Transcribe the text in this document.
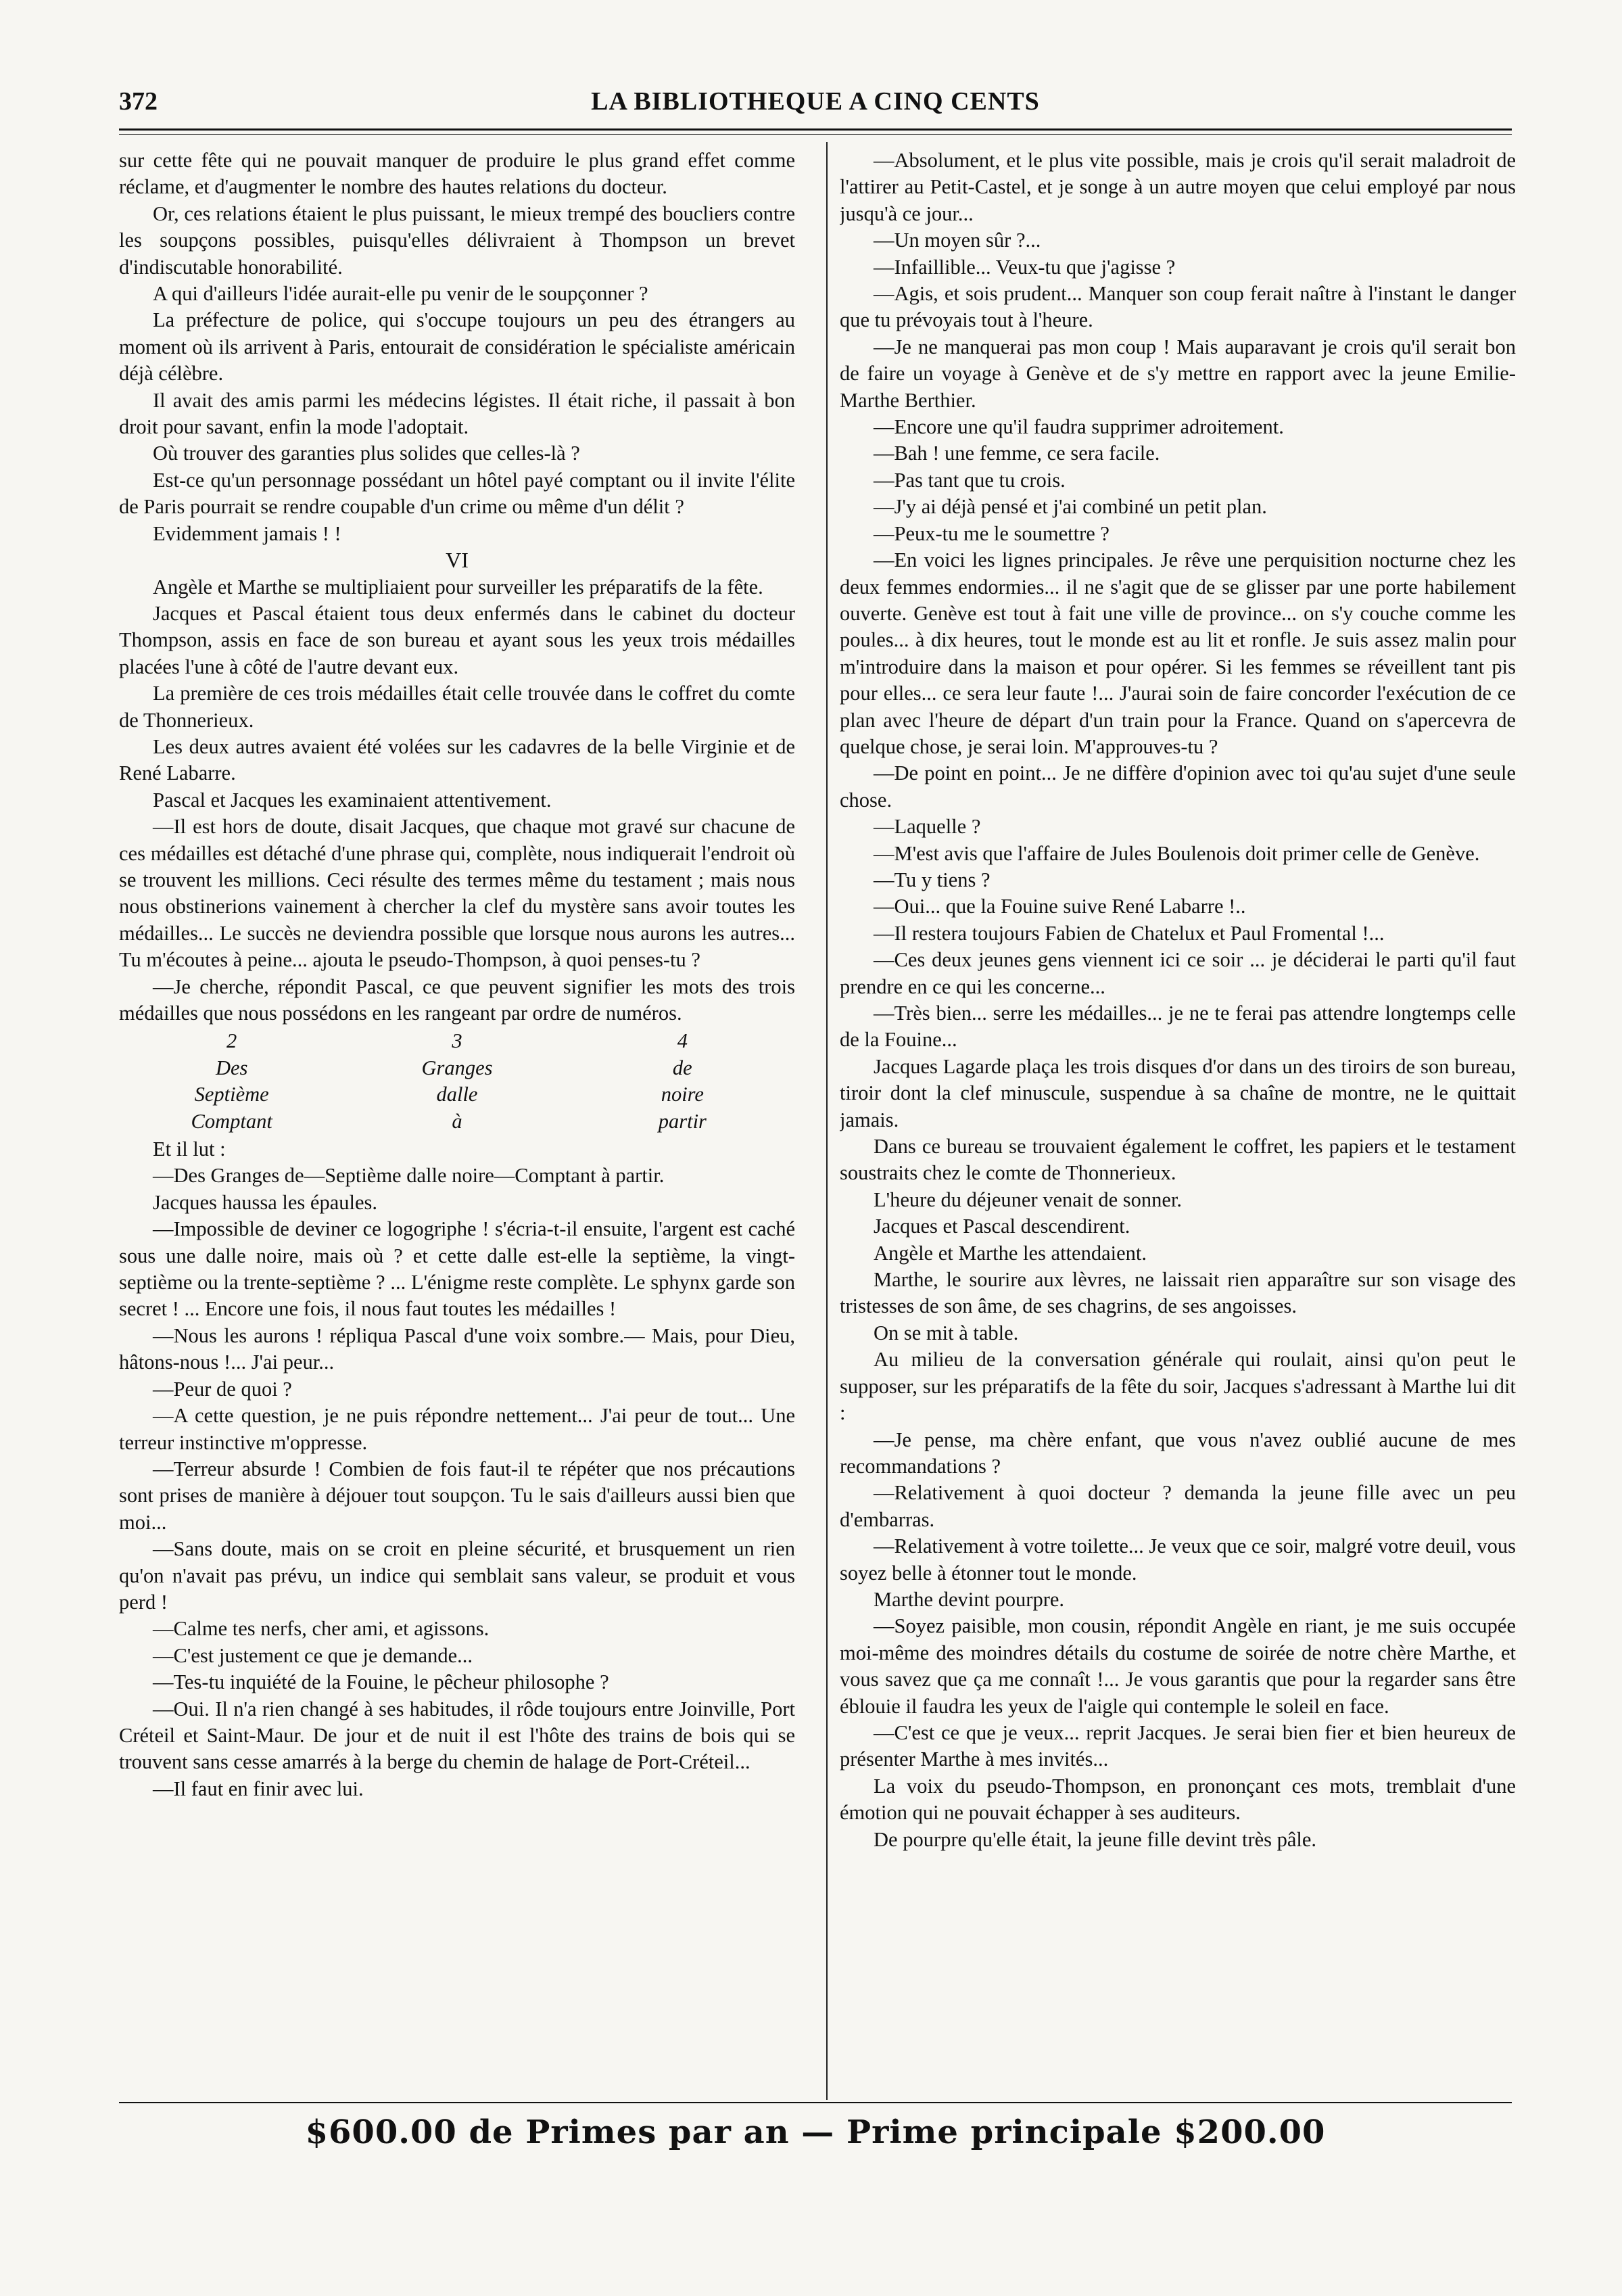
372	LA BIBLIOTHEQUE A CINQ CENTS

sur cette fête qui ne pouvait manquer de produire le plus grand effet comme réclame, et d'augmenter le nombre des hautes relations du docteur.

Or, ces relations étaient le plus puissant, le mieux trempé des boucliers contre les soupçons possibles, puisqu'elles délivraient à Thompson un brevet d'indiscutable honorabilité.

A qui d'ailleurs l'idée aurait-elle pu venir de le soupçonner ?

La préfecture de police, qui s'occupe toujours un peu des étrangers au moment où ils arrivent à Paris, entourait de considération le spécialiste américain déjà célèbre.

Il avait des amis parmi les médecins légistes. Il était riche, il passait à bon droit pour savant, enfin la mode l'adoptait.

Où trouver des garanties plus solides que celles-là ?

Est-ce qu'un personnage possédant un hôtel payé comptant ou il invite l'élite de Paris pourrait se rendre coupable d'un crime ou même d'un délit ?

Evidemment jamais ! !

VI

Angèle et Marthe se multipliaient pour surveiller les préparatifs de la fête.

Jacques et Pascal étaient tous deux enfermés dans le cabinet du docteur Thompson, assis en face de son bureau et ayant sous les yeux trois médailles placées l'une à côté de l'autre devant eux.

La première de ces trois médailles était celle trouvée dans le coffret du comte de Thonnerieux.

Les deux autres avaient été volées sur les cadavres de la belle Virginie et de René Labarre.

Pascal et Jacques les examinaient attentivement.

—Il est hors de doute, disait Jacques, que chaque mot gravé sur chacune de ces médailles est détaché d'une phrase qui, complète, nous indiquerait l'endroit où se trouvent les millions. Ceci résulte des termes même du testament ; mais nous nous obstinerions vainement à chercher la clef du mystère sans avoir toutes les médailles... Le succès ne deviendra possible que lorsque nous aurons les autres... Tu m'écoutes à peine... ajouta le pseudo-Thompson, à quoi penses-tu ?

—Je cherche, répondit Pascal, ce que peuvent signifier les mots des trois médailles que nous possédons en les rangeant par ordre de numéros.

2	3	4
Des	Granges	de
Septième	dalle	noire
Comptant	à	partir

Et il lut :

—Des Granges de—Septième dalle noire—Comptant à partir.

Jacques haussa les épaules.

—Impossible de deviner ce logogriphe ! s'écria-t-il ensuite, l'argent est caché sous une dalle noire, mais où ? et cette dalle est-elle la septième, la vingt-septième ou la trente-septième ? ... L'énigme reste complète. Le sphynx garde son secret ! ... Encore une fois, il nous faut toutes les médailles !

—Nous les aurons ! répliqua Pascal d'une voix sombre.— Mais, pour Dieu, hâtons-nous !... J'ai peur...

—Peur de quoi ?

—A cette question, je ne puis répondre nettement... J'ai peur de tout... Une terreur instinctive m'oppresse.

—Terreur absurde ! Combien de fois faut-il te répéter que nos précautions sont prises de manière à déjouer tout soupçon. Tu le sais d'ailleurs aussi bien que moi...

—Sans doute, mais on se croit en pleine sécurité, et brusquement un rien qu'on n'avait pas prévu, un indice qui semblait sans valeur, se produit et vous perd !

—Calme tes nerfs, cher ami, et agissons.

—C'est justement ce que je demande...

—Tes-tu inquiété de la Fouine, le pêcheur philosophe ?

—Oui. Il n'a rien changé à ses habitudes, il rôde toujours entre Joinville, Port Créteil et Saint-Maur. De jour et de nuit il est l'hôte des trains de bois qui se trouvent sans cesse amarrés à la berge du chemin de halage de Port-Créteil...

—Il faut en finir avec lui.

—Absolument, et le plus vite possible, mais je crois qu'il serait maladroit de l'attirer au Petit-Castel, et je songe à un autre moyen que celui employé par nous jusqu'à ce jour...

—Un moyen sûr ?...

—Infaillible... Veux-tu que j'agisse ?

—Agis, et sois prudent... Manquer son coup ferait naître à l'instant le danger que tu prévoyais tout à l'heure.

—Je ne manquerai pas mon coup ! Mais auparavant je crois qu'il serait bon de faire un voyage à Genève et de s'y mettre en rapport avec la jeune Emilie-Marthe Berthier.

—Encore une qu'il faudra supprimer adroitement.

—Bah ! une femme, ce sera facile.

—Pas tant que tu crois.

—J'y ai déjà pensé et j'ai combiné un petit plan.

—Peux-tu me le soumettre ?

—En voici les lignes principales. Je rêve une perquisition nocturne chez les deux femmes endormies... il ne s'agit que de se glisser par une porte habilement ouverte. Genève est tout à fait une ville de province... on s'y couche comme les poules... à dix heures, tout le monde est au lit et ronfle. Je suis assez malin pour m'introduire dans la maison et pour opérer. Si les femmes se réveillent tant pis pour elles... ce sera leur faute !... J'aurai soin de faire concorder l'exécution de ce plan avec l'heure de départ d'un train pour la France. Quand on s'apercevra de quelque chose, je serai loin. M'approuves-tu ?

—De point en point... Je ne diffère d'opinion avec toi qu'au sujet d'une seule chose.

—Laquelle ?

—M'est avis que l'affaire de Jules Boulenois doit primer celle de Genève.

—Tu y tiens ?

—Oui... que la Fouine suive René Labarre !..

—Il restera toujours Fabien de Chatelux et Paul Fromental !...

—Ces deux jeunes gens viennent ici ce soir ... je déciderai le parti qu'il faut prendre en ce qui les concerne...

—Très bien... serre les médailles... je ne te ferai pas attendre longtemps celle de la Fouine...

Jacques Lagarde plaça les trois disques d'or dans un des tiroirs de son bureau, tiroir dont la clef minuscule, suspendue à sa chaîne de montre, ne le quittait jamais.

Dans ce bureau se trouvaient également le coffret, les papiers et le testament soustraits chez le comte de Thonnerieux.

L'heure du déjeuner venait de sonner.

Jacques et Pascal descendirent.

Angèle et Marthe les attendaient.

Marthe, le sourire aux lèvres, ne laissait rien apparaître sur son visage des tristesses de son âme, de ses chagrins, de ses angoisses.

On se mit à table.

Au milieu de la conversation générale qui roulait, ainsi qu'on peut le supposer, sur les préparatifs de la fête du soir, Jacques s'adressant à Marthe lui dit :

—Je pense, ma chère enfant, que vous n'avez oublié aucune de mes recommandations ?

—Relativement à quoi docteur ? demanda la jeune fille avec un peu d'embarras.

—Relativement à votre toilette... Je veux que ce soir, malgré votre deuil, vous soyez belle à étonner tout le monde.

Marthe devint pourpre.

—Soyez paisible, mon cousin, répondit Angèle en riant, je me suis occupée moi-même des moindres détails du costume de soirée de notre chère Marthe, et vous savez que ça me connaît !... Je vous garantis que pour la regarder sans être éblouie il faudra les yeux de l'aigle qui contemple le soleil en face.

—C'est ce que je veux... reprit Jacques. Je serai bien fier et bien heureux de présenter Marthe à mes invités...

La voix du pseudo-Thompson, en prononçant ces mots, tremblait d'une émotion qui ne pouvait échapper à ses auditeurs.

De pourpre qu'elle était, la jeune fille devint très pâle.

$600.00 de Primes par an — Prime principale $200.00
